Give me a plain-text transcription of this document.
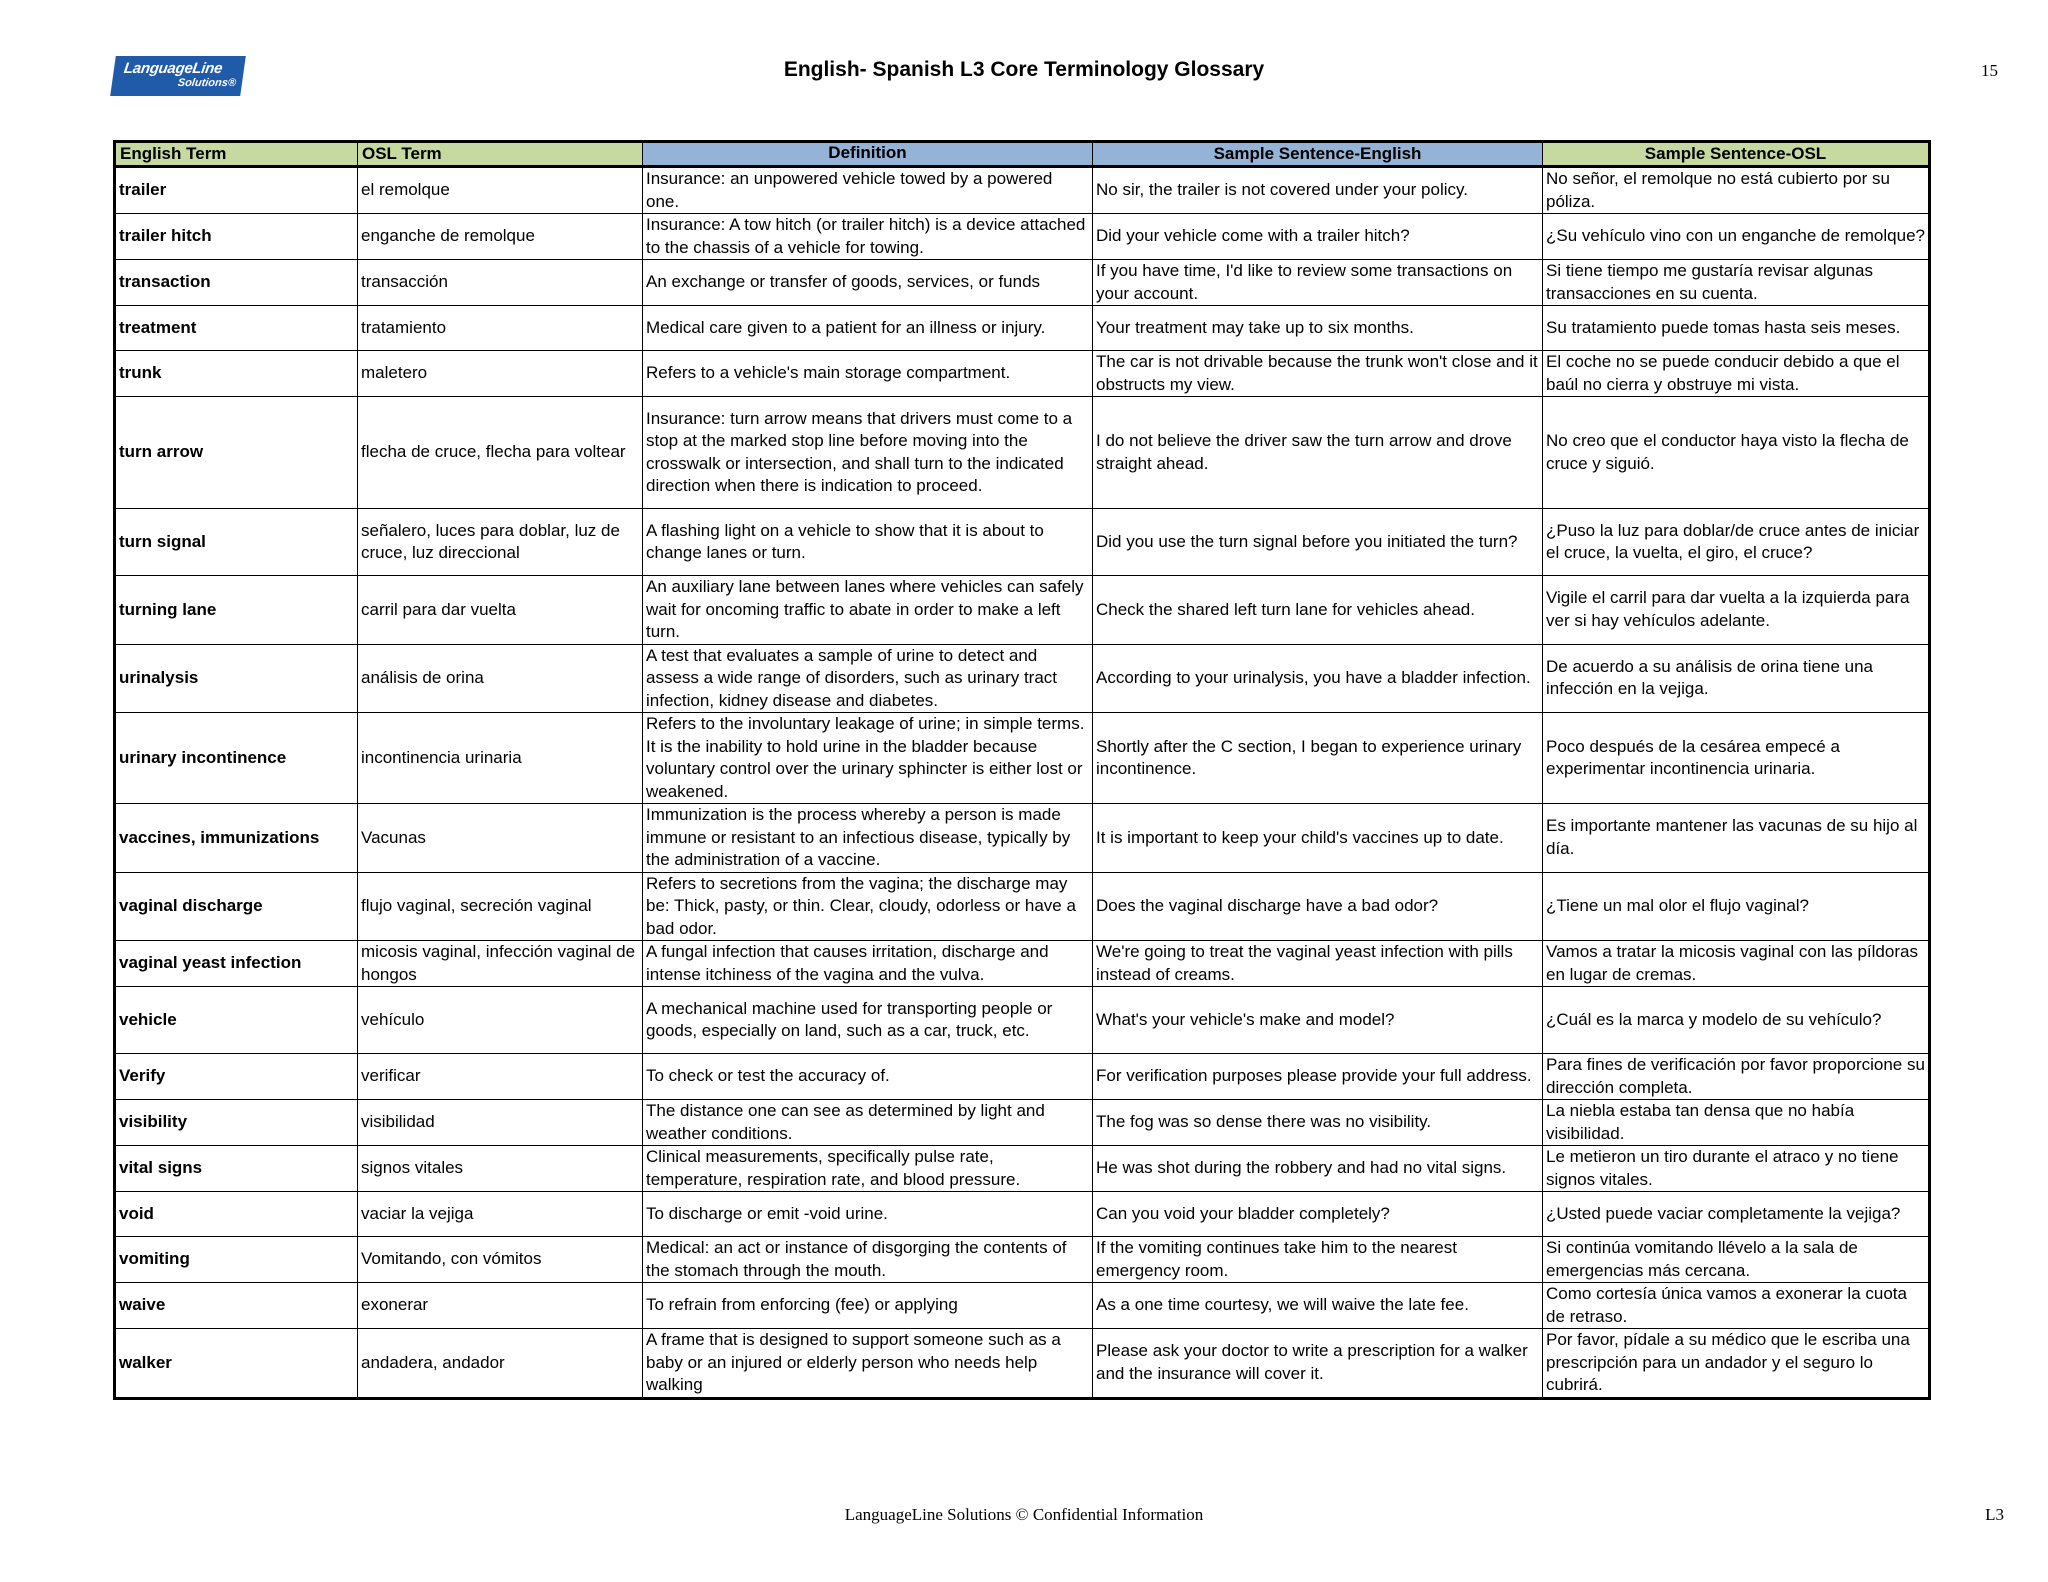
LanguageLine
Solutions®
English- Spanish L3 Core Terminology Glossary	15
English Term	OSL Term	Definition	Sample Sentence-English	Sample Sentence-OSL
trailer	el remolque	Insurance: an unpowered vehicle towed by a powered one.	No sir, the trailer is not covered under your policy.	No señor, el remolque no está cubierto por su póliza.
trailer hitch	enganche de remolque	Insurance: A tow hitch (or trailer hitch) is a device attached to the chassis of a vehicle for towing.	Did your vehicle come with a trailer hitch?	¿Su vehículo vino con un enganche de remolque?
transaction	transacción	An exchange or transfer of goods, services, or funds	If you have time, I'd like to review some transactions on your account.	Si tiene tiempo me gustaría revisar algunas transacciones en su cuenta.
treatment	tratamiento	Medical care given to a patient for an illness or injury.	Your treatment may take up to six months.	Su tratamiento puede tomas hasta seis meses.
trunk	maletero	Refers to a vehicle's main storage compartment.	The car is not drivable because the trunk won't close and it obstructs my view.	El coche no se puede conducir debido a que el baúl no cierra y obstruye mi vista.
turn arrow	flecha de cruce, flecha para voltear	Insurance: turn arrow means that drivers must come to a stop at the marked stop line before moving into the crosswalk or intersection, and shall turn to the indicated direction when there is indication to proceed.	I do not believe the driver saw the turn arrow and drove straight ahead.	No creo que el conductor haya visto la flecha de cruce y siguió.
turn signal	señalero, luces para doblar, luz de cruce, luz direccional	A flashing light on a vehicle to show that it is about to change lanes or turn.	Did you use the turn signal before you initiated the turn?	¿Puso la luz para doblar/de cruce antes de iniciar el cruce, la vuelta, el giro, el cruce?
turning lane	carril para dar vuelta	An auxiliary lane between lanes where vehicles can safely wait for oncoming traffic to abate in order to make a left turn.	Check the shared left turn lane for vehicles ahead.	Vigile el carril para dar vuelta a la izquierda para ver si hay vehículos adelante.
urinalysis	análisis de orina	A test that evaluates a sample of urine to detect and assess a wide range of disorders, such as urinary tract infection, kidney disease and diabetes.	According to your urinalysis, you have a bladder infection.	De acuerdo a su análisis de orina tiene una infección en la vejiga.
urinary incontinence	incontinencia urinaria	Refers to the involuntary leakage of urine; in simple terms. It is the inability to hold urine in the bladder because voluntary control over the urinary sphincter is either lost or weakened.	Shortly after the C section, I began to experience urinary incontinence.	Poco después de la cesárea empecé a experimentar incontinencia urinaria.
vaccines, immunizations	Vacunas	Immunization is the process whereby a person is made immune or resistant to an infectious disease, typically by the administration of a vaccine.	It is important to keep your child's vaccines up to date.	Es importante mantener las vacunas de su hijo al día.
vaginal discharge	flujo vaginal, secreción vaginal	Refers to secretions from the vagina; the discharge may be: Thick, pasty, or thin. Clear, cloudy, odorless or have a bad odor.	Does the vaginal discharge have a bad odor?	¿Tiene un mal olor el flujo vaginal?
vaginal yeast infection	micosis vaginal, infección vaginal de hongos	A fungal infection that causes irritation, discharge and intense itchiness of the vagina and the vulva.	We're going to treat the vaginal yeast infection with pills instead of creams.	Vamos a tratar la micosis vaginal con las píldoras en lugar de cremas.
vehicle	vehículo	A mechanical machine used for transporting people or goods, especially on land, such as a car, truck, etc.	What's your vehicle's make and model?	¿Cuál es la marca y modelo de su vehículo?
Verify	verificar	To check or test the accuracy of.	For verification purposes please provide your full address.	Para fines de verificación por favor proporcione su dirección completa.
visibility	visibilidad	The distance one can see as determined by light and weather conditions.	The fog was so dense there was no visibility.	La niebla estaba tan densa que no había visibilidad.
vital signs	signos vitales	Clinical measurements, specifically pulse rate, temperature, respiration rate, and blood pressure.	He was shot during the robbery and had no vital signs.	Le metieron un tiro durante el atraco y no tiene signos vitales.
void	vaciar la vejiga	To discharge or emit -void urine.	Can you void your bladder completely?	¿Usted puede vaciar completamente la vejiga?
vomiting	Vomitando, con vómitos	Medical: an act or instance of disgorging the contents of the stomach through the mouth.	If the vomiting continues take him to the nearest emergency room.	Si continúa vomitando llévelo a la sala de emergencias más cercana.
waive	exonerar	To refrain from enforcing (fee) or applying	As a one time courtesy, we will waive the late fee.	Como cortesía única vamos a exonerar la cuota de retraso.
walker	andadera, andador	A frame that is designed to support someone such as a baby or an injured or elderly person who needs help walking	Please ask your doctor to write a prescription for a walker and the insurance will cover it.	Por favor, pídale a su médico que le escriba una prescripción para un andador y el seguro lo cubrirá.
LanguageLine Solutions © Confidential Information	L3
